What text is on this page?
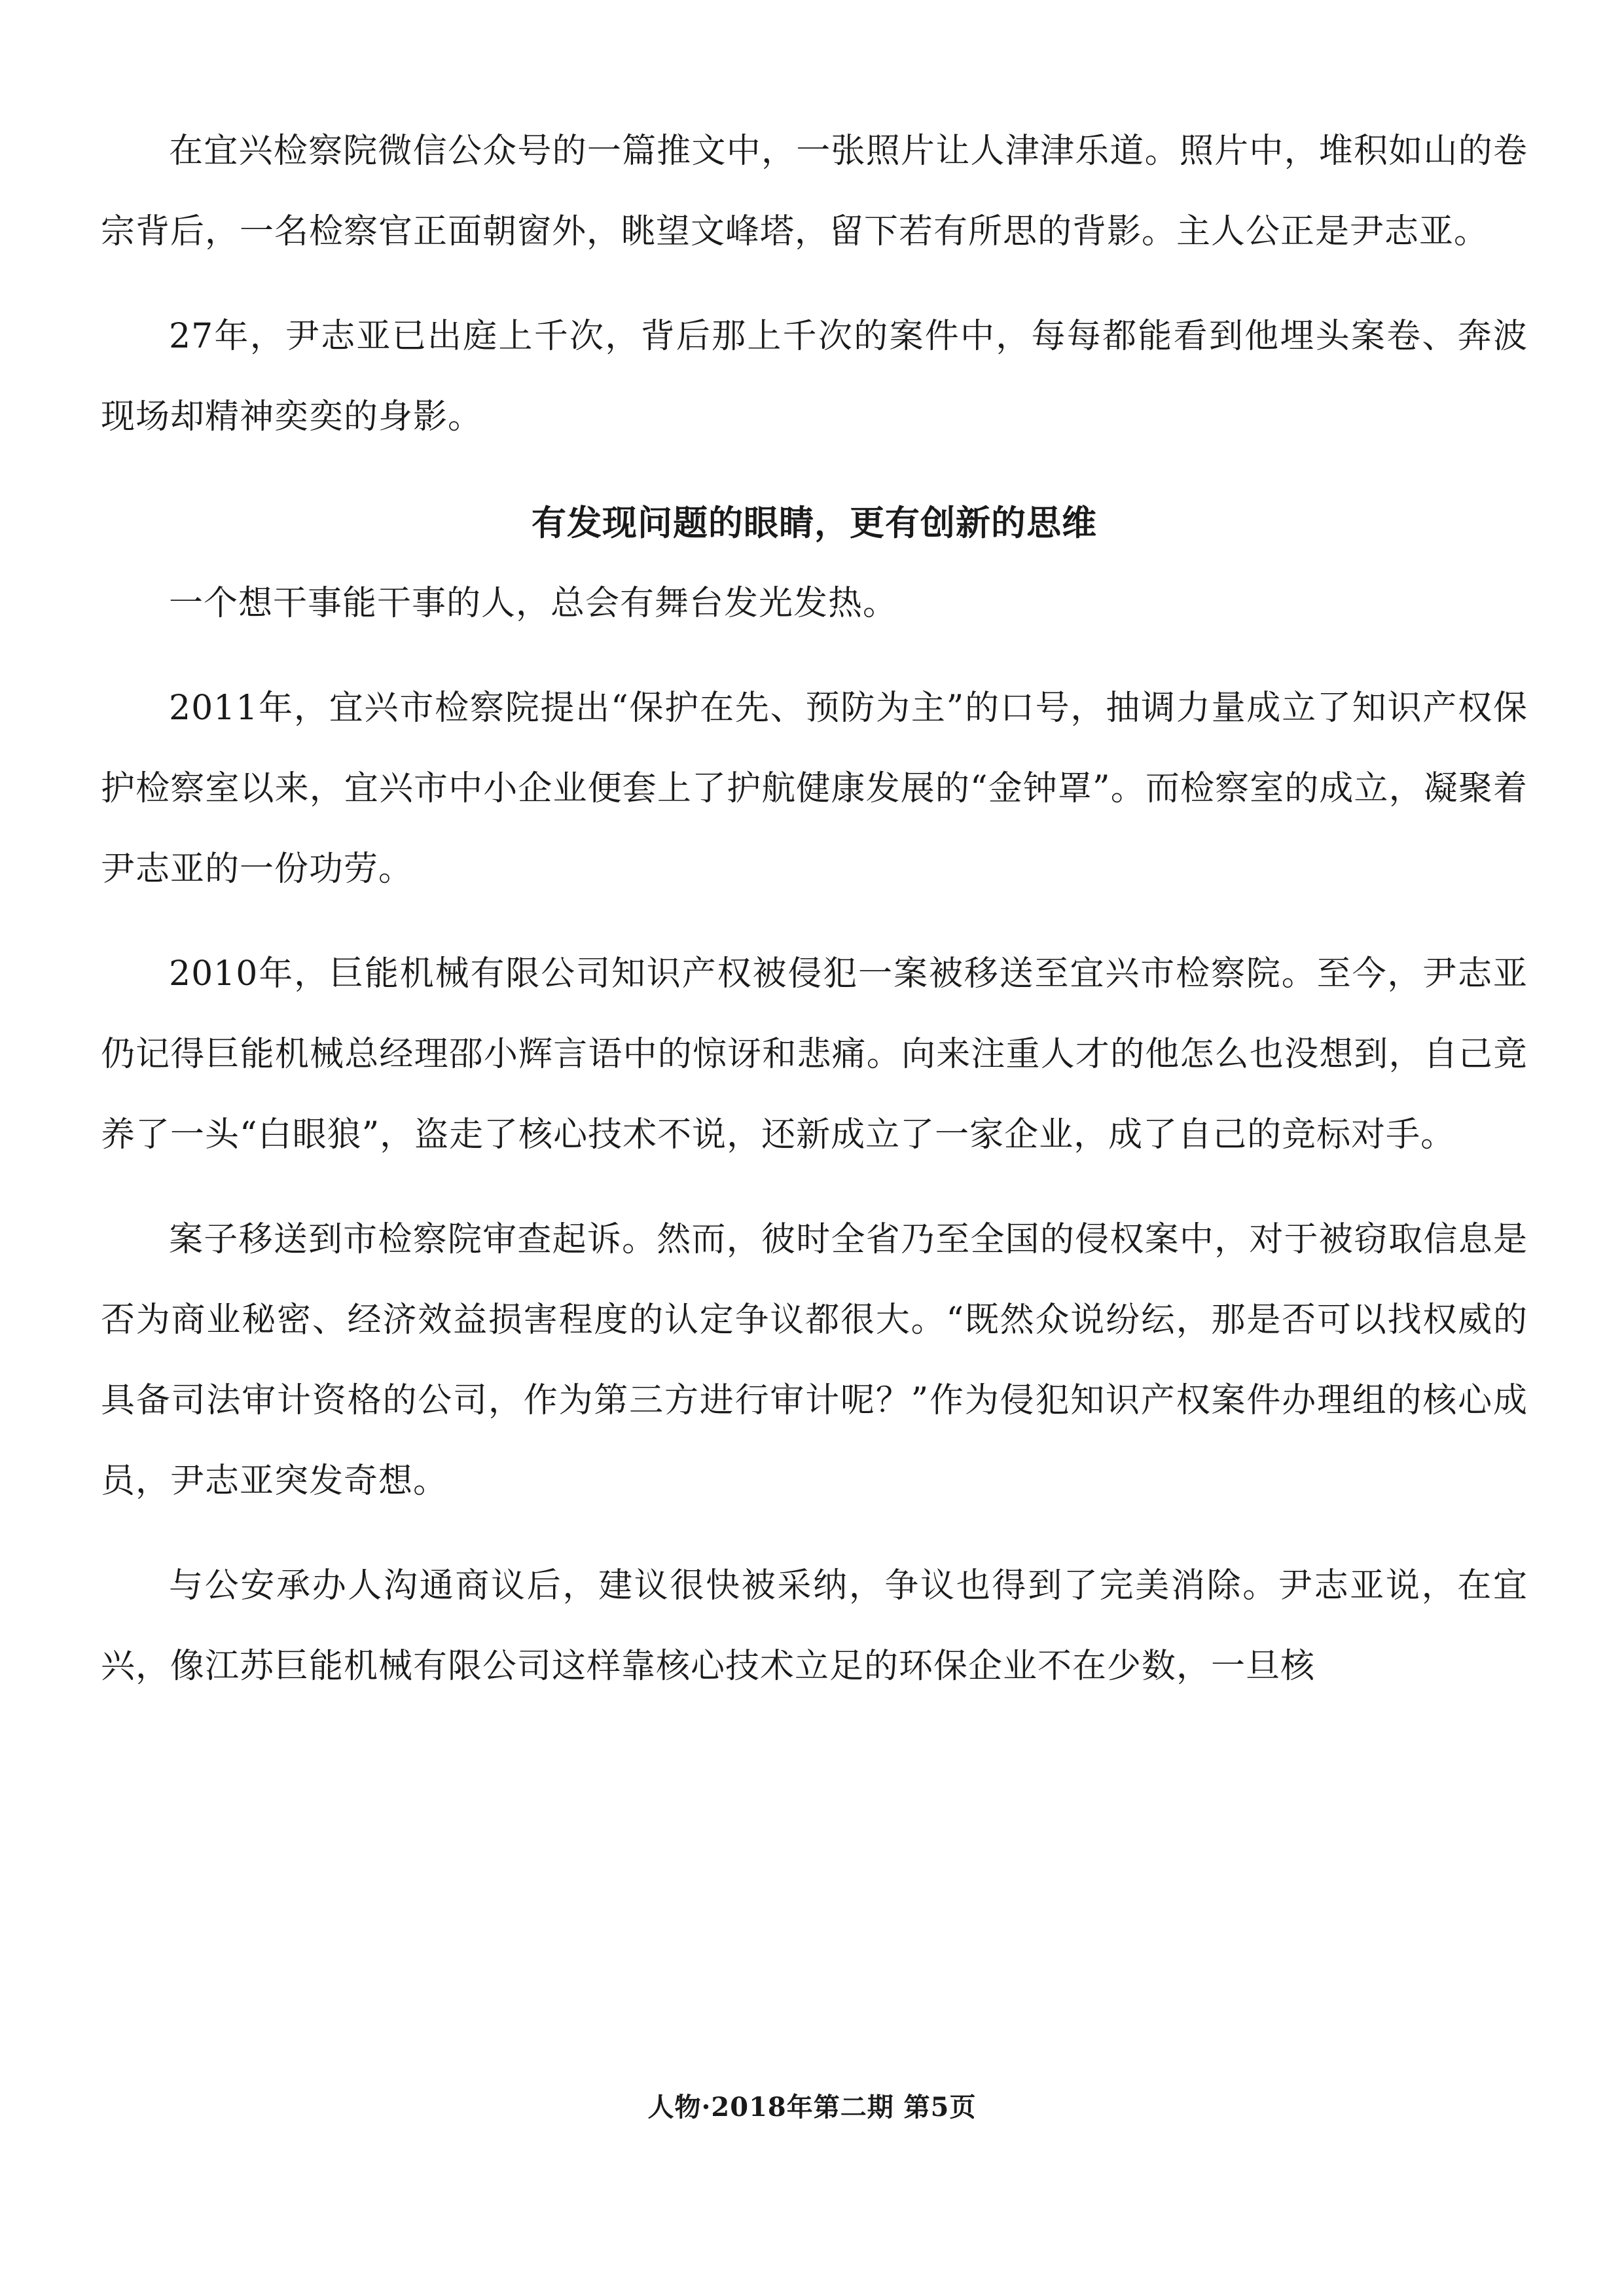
在宜兴检察院微信公众号的一篇推文中，一张照片让人津津乐道。照片中，堆积如山的卷宗背后，一名检察官正面朝窗外，眺望文峰塔，留下若有所思的背影。主人公正是尹志亚。

27年，尹志亚已出庭上千次，背后那上千次的案件中，每每都能看到他埋头案卷、奔波现场却精神奕奕的身影。

有发现问题的眼睛，更有创新的思维

一个想干事能干事的人，总会有舞台发光发热。

2011年，宜兴市检察院提出“保护在先、预防为主”的口号，抽调力量成立了知识产权保护检察室以来，宜兴市中小企业便套上了护航健康发展的“金钟罩”。而检察室的成立，凝聚着尹志亚的一份功劳。

2010年，巨能机械有限公司知识产权被侵犯一案被移送至宜兴市检察院。至今，尹志亚仍记得巨能机械总经理邵小辉言语中的惊讶和悲痛。向来注重人才的他怎么也没想到，自己竟养了一头“白眼狼”，盗走了核心技术不说，还新成立了一家企业，成了自己的竞标对手。

案子移送到市检察院审查起诉。然而，彼时全省乃至全国的侵权案中，对于被窃取信息是否为商业秘密、经济效益损害程度的认定争议都很大。“既然众说纷纭，那是否可以找权威的具备司法审计资格的公司，作为第三方进行审计呢？”作为侵犯知识产权案件办理组的核心成员，尹志亚突发奇想。

与公安承办人沟通商议后，建议很快被采纳，争议也得到了完美消除。尹志亚说，在宜兴，像江苏巨能机械有限公司这样靠核心技术立足的环保企业不在少数，一旦核

人物·2018年第二期 第5页
